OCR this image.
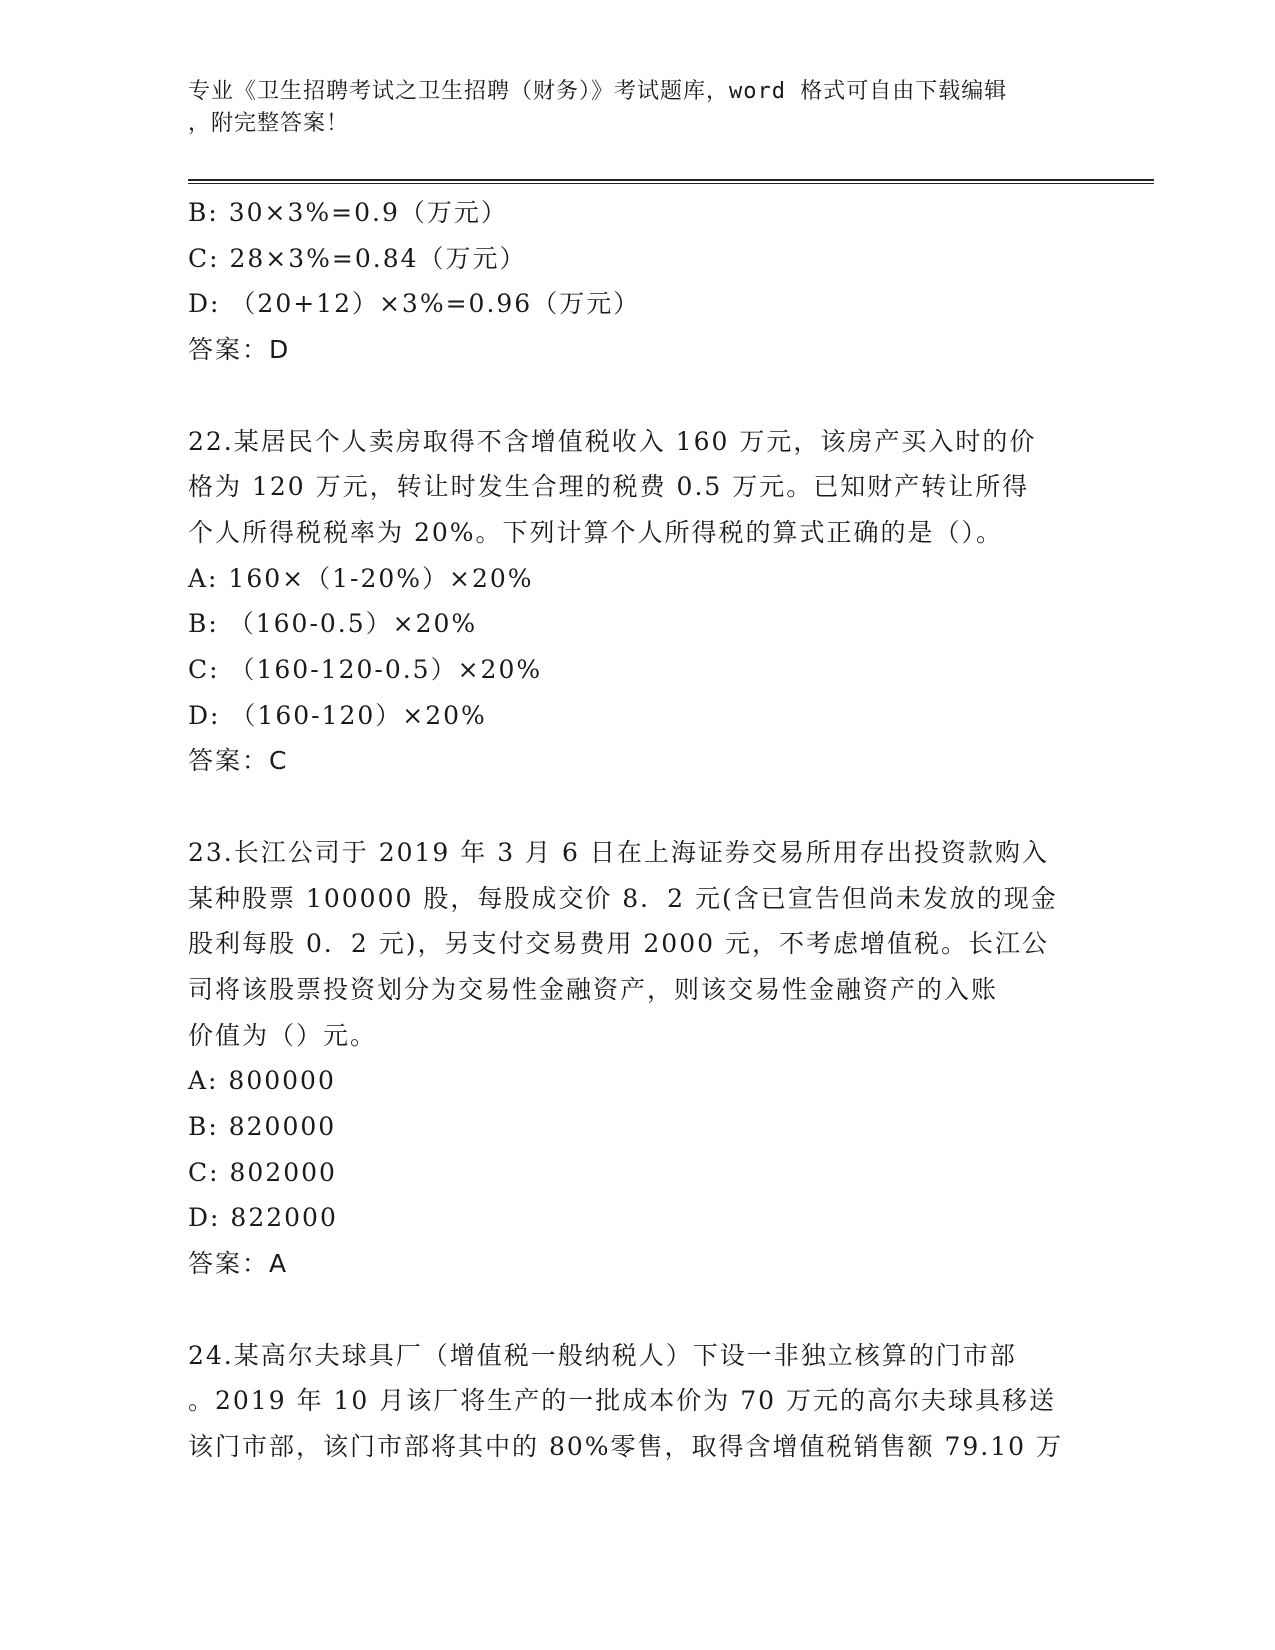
专业《卫生招聘考试之卫生招聘（财务）》考试题库，word 格式可自由下载编辑
，附完整答案！
B: 30×3%=0.9（万元）
C: 28×3%=0.84（万元）
D: （20+12）×3%=0.96（万元）
答案：D
22.某居民个人卖房取得不含增值税收入 160 万元，该房产买入时的价
格为 120 万元，转让时发生合理的税费 0.5 万元。已知财产转让所得
个人所得税税率为 20%。下列计算个人所得税的算式正确的是（）。
A: 160×（1-20%）×20%
B: （160-0.5）×20%
C: （160-120-0.5）×20%
D: （160-120）×20%
答案：C
23.长江公司于 2019 年 3 月 6 日在上海证券交易所用存出投资款购入
某种股票 100000 股，每股成交价 8．2 元(含已宣告但尚未发放的现金
股利每股 0．2 元)，另支付交易费用 2000 元，不考虑增值税。长江公
司将该股票投资划分为交易性金融资产，则该交易性金融资产的入账
价值为（）元。
A: 800000
B: 820000
C: 802000
D: 822000
答案：A
24.某高尔夫球具厂（增值税一般纳税人）下设一非独立核算的门市部
。2019 年 10 月该厂将生产的一批成本价为 70 万元的高尔夫球具移送
该门市部，该门市部将其中的 80%零售，取得含增值税销售额 79.10 万
